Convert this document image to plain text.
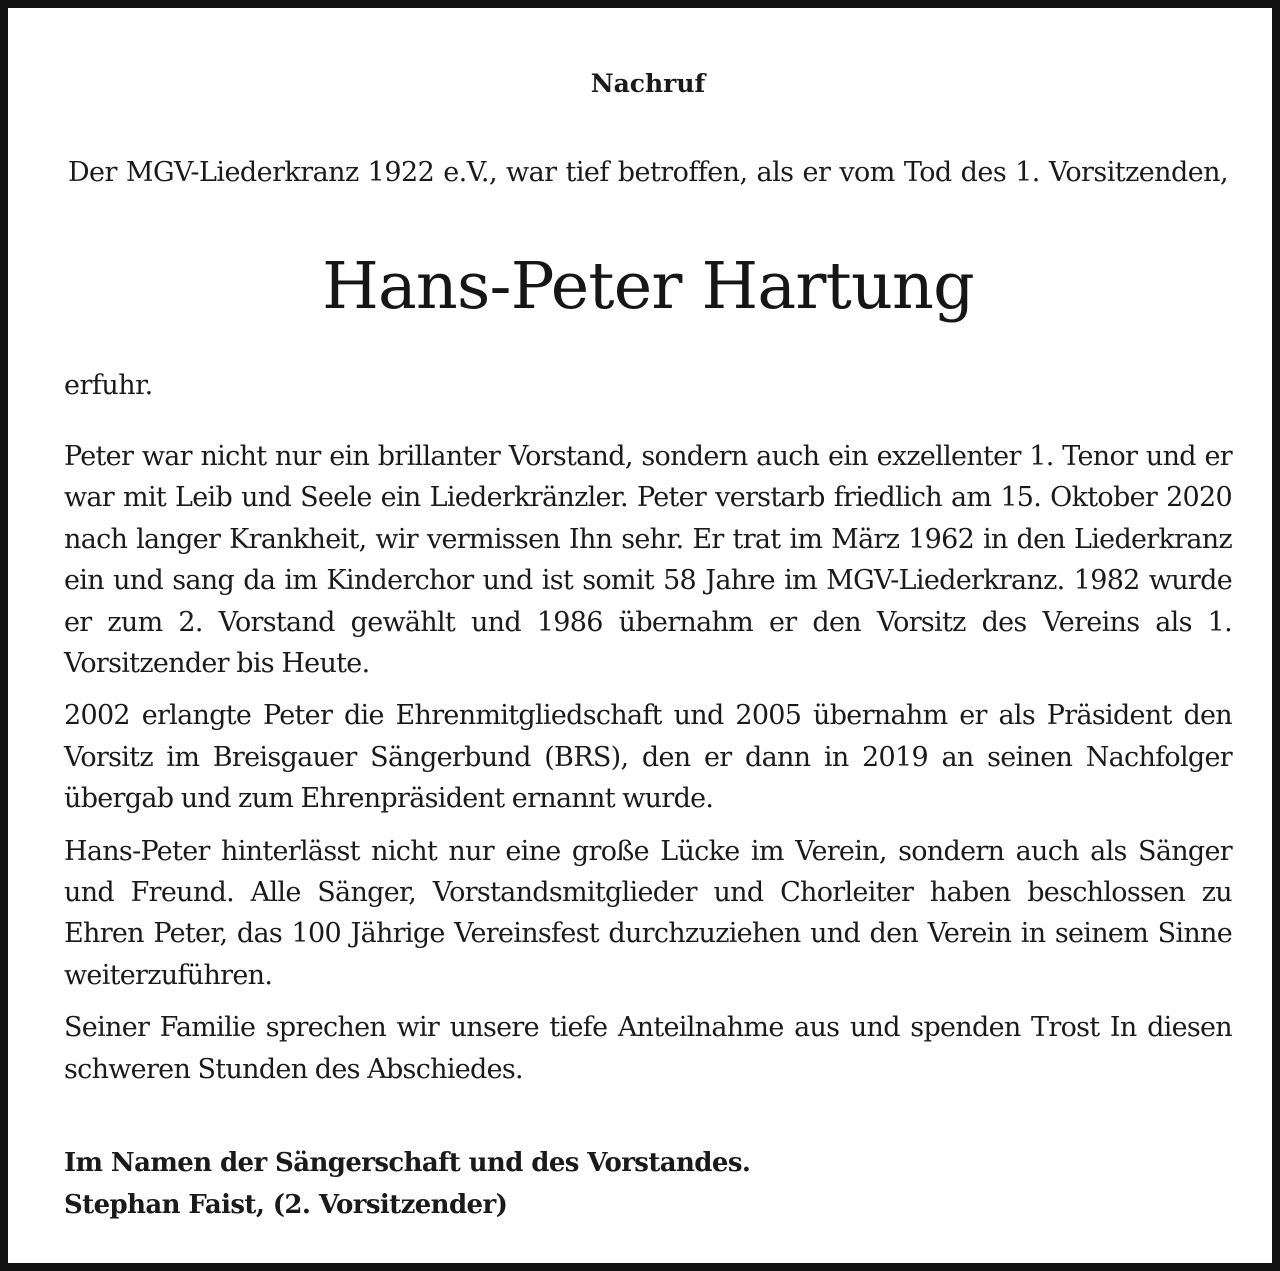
Nachruf
Der MGV-Liederkranz 1922 e.V., war tief betroffen, als er vom Tod des 1. Vorsitzenden,
Hans-Peter Hartung
erfuhr.

Peter war nicht nur ein brillanter Vorstand, sondern auch ein exzellenter 1. Tenor und er war mit Leib und Seele ein Liederkränzler. Peter verstarb friedlich am 15. Oktober 2020 nach langer Krankheit, wir vermissen Ihn sehr. Er trat im März 1962 in den Liederkranz ein und sang da im Kinderchor und ist somit 58 Jahre im MGV-Liederkranz. 1982 wurde er zum 2. Vorstand gewählt und 1986 übernahm er den Vorsitz des Vereins als 1. Vorsitzender bis Heute.

2002 erlangte Peter die Ehrenmitgliedschaft und 2005 übernahm er als Präsident den Vorsitz im Breisgauer Sängerbund (BRS), den er dann in 2019 an seinen Nachfolger übergab und zum Ehrenpräsident ernannt wurde.

Hans-Peter hinterlässt nicht nur eine große Lücke im Verein, sondern auch als Sänger und Freund. Alle Sänger, Vorstandsmitglieder und Chorleiter haben beschlossen zu Ehren Peter, das 100 Jährige Vereinsfest durchzuziehen und den Verein in seinem Sinne weiterzuführen.

Seiner Familie sprechen wir unsere tiefe Anteilnahme aus und spenden Trost In diesen schweren Stunden des Abschiedes.

Im Namen der Sängerschaft und des Vorstandes.
Stephan Faist, (2. Vorsitzender)
